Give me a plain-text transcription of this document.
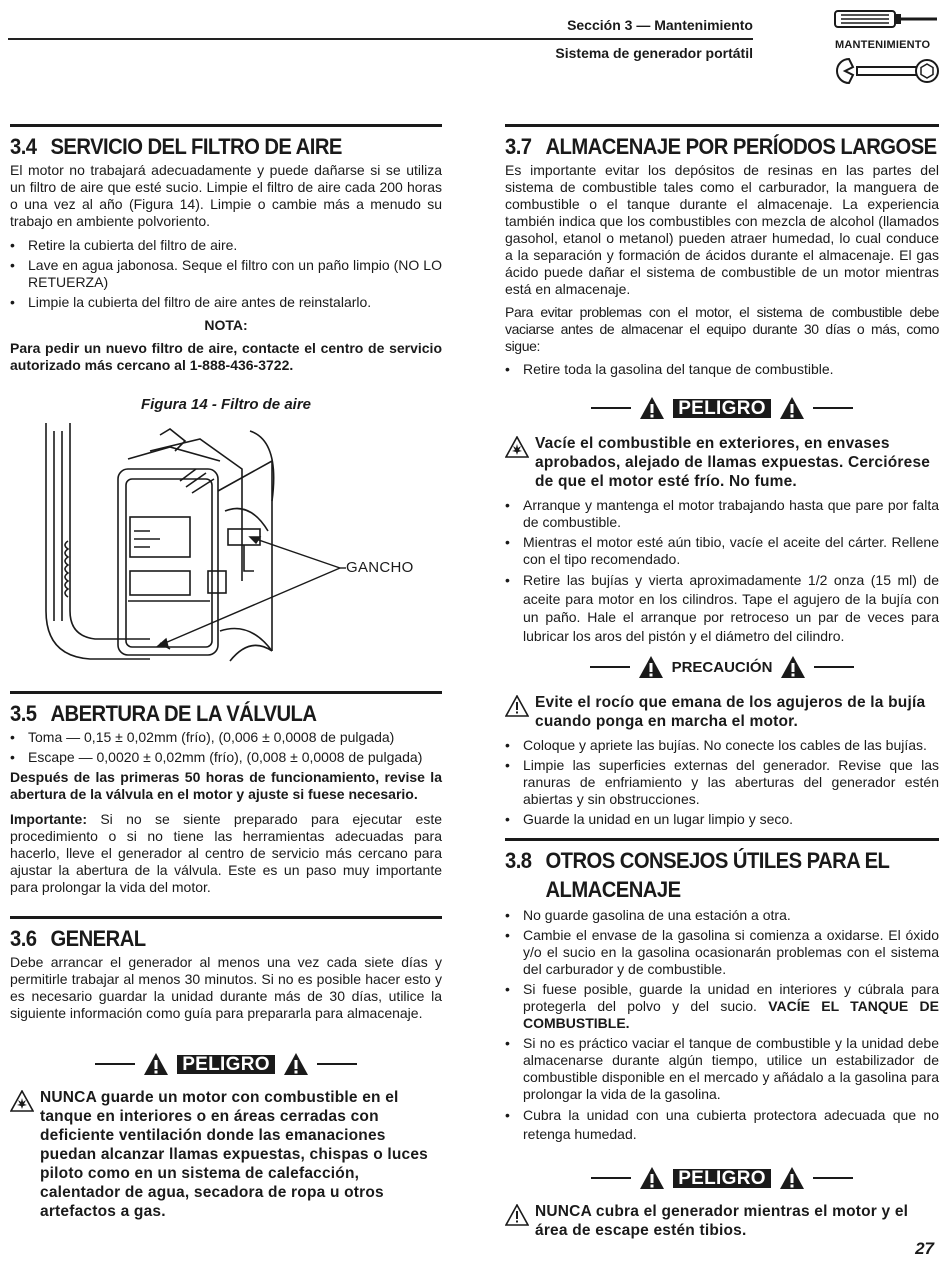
Sección 3 — Mantenimiento
Sistema de generador portátil	MANTENIMIENTO
3.4 SERVICIO DEL FILTRO DE AIRE

El motor no trabajará adecuadamente y puede dañarse si se utiliza un filtro de aire que esté sucio. Limpie el filtro de aire cada 200 horas o una vez al año (Figura 14). Limpie o cambie más a menudo su trabajo en ambiente polvoriento.

• Retire la cubierta del filtro de aire.
• Lave en agua jabonosa. Seque el filtro con un paño limpio (NO LO RETUERZA)
• Limpie la cubierta del filtro de aire antes de reinstalarlo.
NOTA:

Para pedir un nuevo filtro de aire, contacte el centro de servicio autorizado más cercano al 1-888-436-3722.

Figura 14 - Filtro de aire
GANCHO
3.5 ABERTURA DE LA VÁLVULA
• Toma — 0,15 ± 0,02mm (frío), (0,006 ± 0,0008 de pulgada)
• Escape — 0,0020 ± 0,02mm (frío), (0,008 ± 0,0008 de pulgada)

Después de las primeras 50 horas de funcionamiento, revise la abertura de la válvula en el motor y ajuste si fuese necesario.

Importante: Si no se siente preparado para ejecutar este procedimiento o si no tiene las herramientas adecuadas para hacerlo, lleve el generador al centro de servicio más cercano para ajustar la abertura de la válvula. Este es un paso muy importante para prolongar la vida del motor.

3.6 GENERAL

Debe arrancar el generador al menos una vez cada siete días y permitirle trabajar al menos 30 minutos. Si no es posible hacer esto y es necesario guardar la unidad durante más de 30 días, utilice la siguiente información como guía para prepararla para almacenaje.

PELIGRO
NUNCA guarde un motor con combustible en el tanque en interiores o en áreas cerradas con deficiente ventilación donde las emanaciones puedan alcanzar llamas expuestas, chispas o luces piloto como en un sistema de calefacción, calentador de agua, secadora de ropa u otros artefactos a gas.
3.7 ALMACENAJE POR PERÍODOS LARGOSE

Es importante evitar los depósitos de resinas en las partes del sistema de combustible tales como el carburador, la manguera de combustible o el tanque durante el almacenaje. La experiencia también indica que los combustibles con mezcla de alcohol (llamados gasohol, etanol o metanol) pueden atraer humedad, lo cual conduce a la separación y formación de ácidos durante el almacenaje. El gas ácido puede dañar el sistema de combustible de un motor mientras está en almacenaje.

Para evitar problemas con el motor, el sistema de combustible debe vaciarse antes de almacenar el equipo durante 30 días o más, como sigue:

• Retire toda la gasolina del tanque de combustible.
PELIGRO
Vacíe el combustible en exteriores, en envases aprobados, alejado de llamas expuestas. Cerciórese de que el motor esté frío. No fume.
• Arranque y mantenga el motor trabajando hasta que pare por falta de combustible.
• Mientras el motor esté aún tibio, vacíe el aceite del cárter. Rellene con el tipo recomendado.
• Retire las bujías y vierta aproximadamente 1/2 onza (15 ml) de aceite para motor en los cilindros. Tape el agujero de la bujía con un paño. Hale el arranque por retroceso un par de veces para lubricar los aros del pistón y el diámetro del cilindro.
PRECAUCIÓN
Evite el rocío que emana de los agujeros de la bujía cuando ponga en marcha el motor.
• Coloque y apriete las bujías. No conecte los cables de las bujías.
• Limpie las superficies externas del generador. Revise que las ranuras de enfriamiento y las aberturas del generador estén abiertas y sin obstrucciones.
• Guarde la unidad en un lugar limpio y seco.
3.8 OTROS CONSEJOS ÚTILES PARA EL
ALMACENAJE
• No guarde gasolina de una estación a otra.
• Cambie el envase de la gasolina si comienza a oxidarse. El óxido y/o el sucio en la gasolina ocasionarán problemas con el sistema del carburador y de combustible.
• Si fuese posible, guarde la unidad en interiores y cúbrala para protegerla del polvo y del sucio. VACÍE EL TANQUE DE COMBUSTIBLE.
• Si no es práctico vaciar el tanque de combustible y la unidad debe almacenarse durante algún tiempo, utilice un estabilizador de combustible disponible en el mercado y añádalo a la gasolina para prolongar la vida de la gasolina.
• Cubra la unidad con una cubierta protectora adecuada que no retenga humedad.
PELIGRO
NUNCA cubra el generador mientras el motor y el área de escape estén tibios.
27
